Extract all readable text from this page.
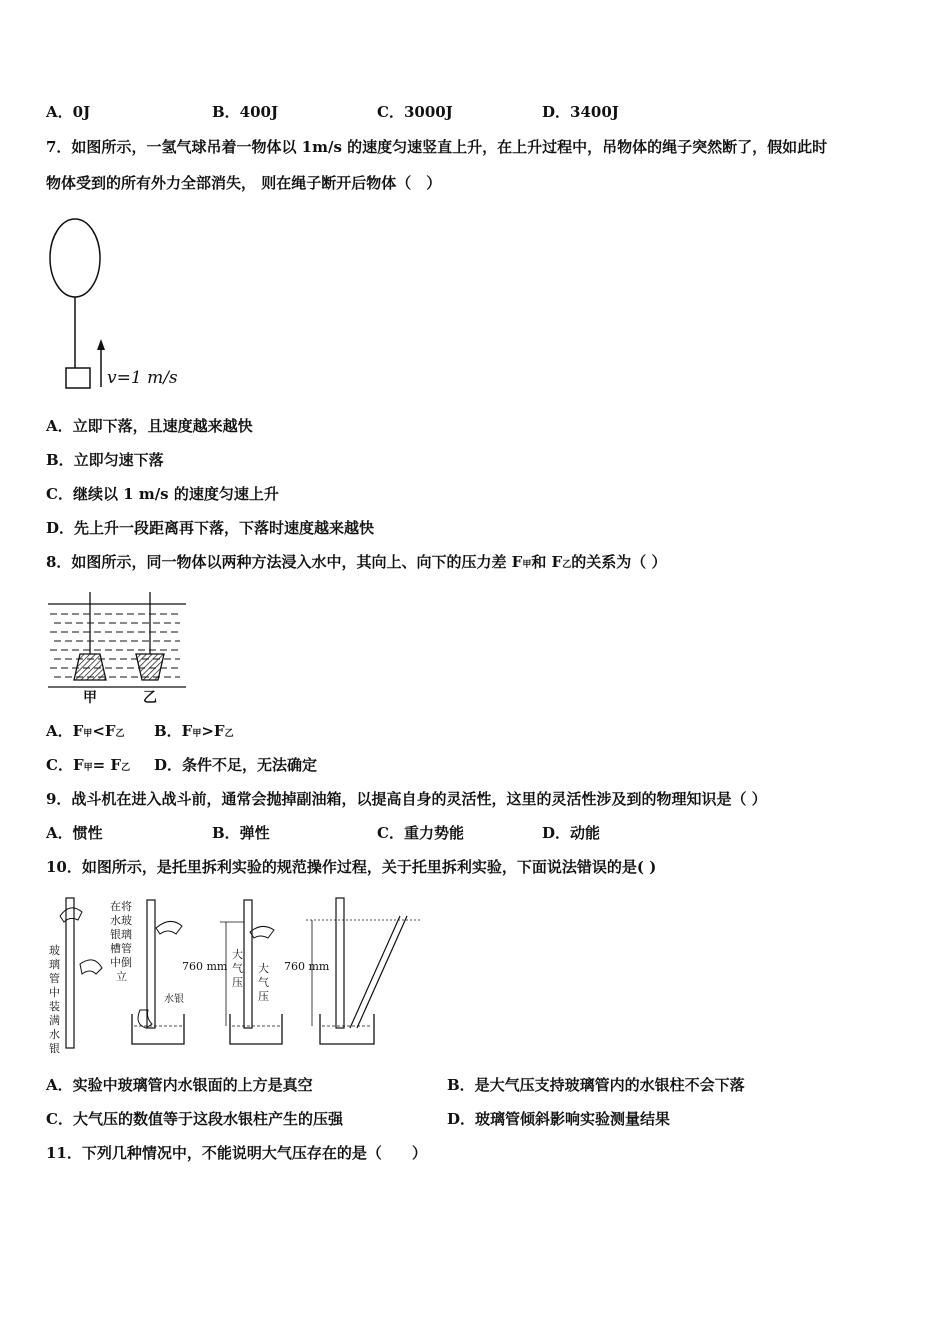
A．0J	B．400J	C．3000J	D．3400J
7．如图所示，一氢气球吊着一物体以 1m/s 的速度匀速竖直上升，在上升过程中，吊物体的绳子突然断了，假如此时
物体受到的所有外力全部消失， 则在绳子断开后物体（　）
v=1 m/s
A．立即下落，且速度越来越快
B．立即匀速下落
C．继续以 1 m/s 的速度匀速上升
D．先上升一段距离再下落，下落时速度越来越快
8．如图所示，同一物体以两种方法浸入水中，其向上、向下的压力差 F甲和 F乙的关系为（ ）
甲	乙
A．F甲<F乙 B．F甲>F乙
C．F甲= F乙 D．条件不足，无法确定
9．战斗机在进入战斗前，通常会抛掉副油箱，以提高自身的灵活性，这里的灵活性涉及到的物理知识是（ ）
A．惯性	B．弹性	C．重力势能	D．动能
10．如图所示，是托里拆利实验的规范操作过程，关于托里拆利实验，下面说法错误的是( )
玻璃管中装满水银
在将水玻银璃槽管中倒立
水银
760 mm
大气压
大气压
760 mm
A．实验中玻璃管内水银面的上方是真空	B．是大气压支持玻璃管内的水银柱不会下落
C．大气压的数值等于这段水银柱产生的压强	D．玻璃管倾斜影响实验测量结果
11．下列几种情况中，不能说明大气压存在的是（　　）
